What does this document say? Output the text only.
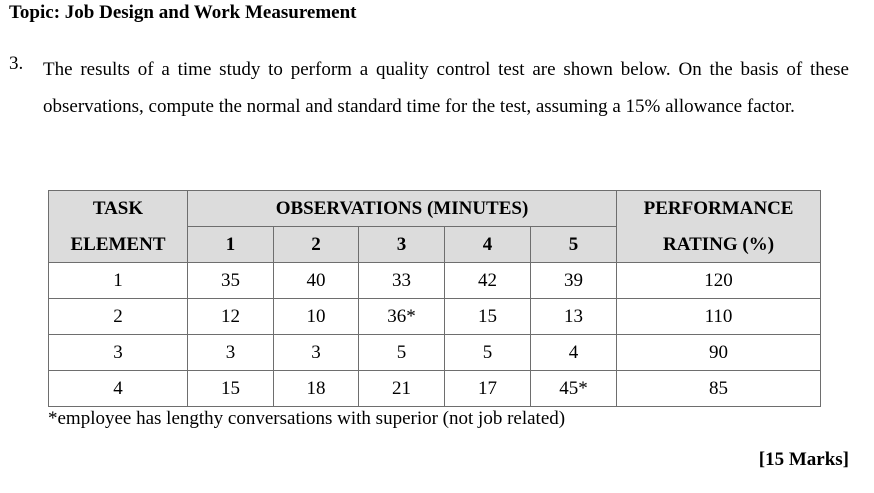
Topic: Job Design and Work Measurement
3. The results of a time study to perform a quality control test are shown below. On the basis of these observations, compute the normal and standard time for the test, assuming a 15% allowance factor.
TASK	OBSERVATIONS (MINUTES)					PERFORMANCE
ELEMENT	1	2	3	4	5	RATING (%)
1	35	40	33	42	39	120
2	12	10	36*	15	13	110
3	3	3	5	5	4	90
4	15	18	21	17	45*	85
*employee has lengthy conversations with superior (not job related)
[15 Marks]
